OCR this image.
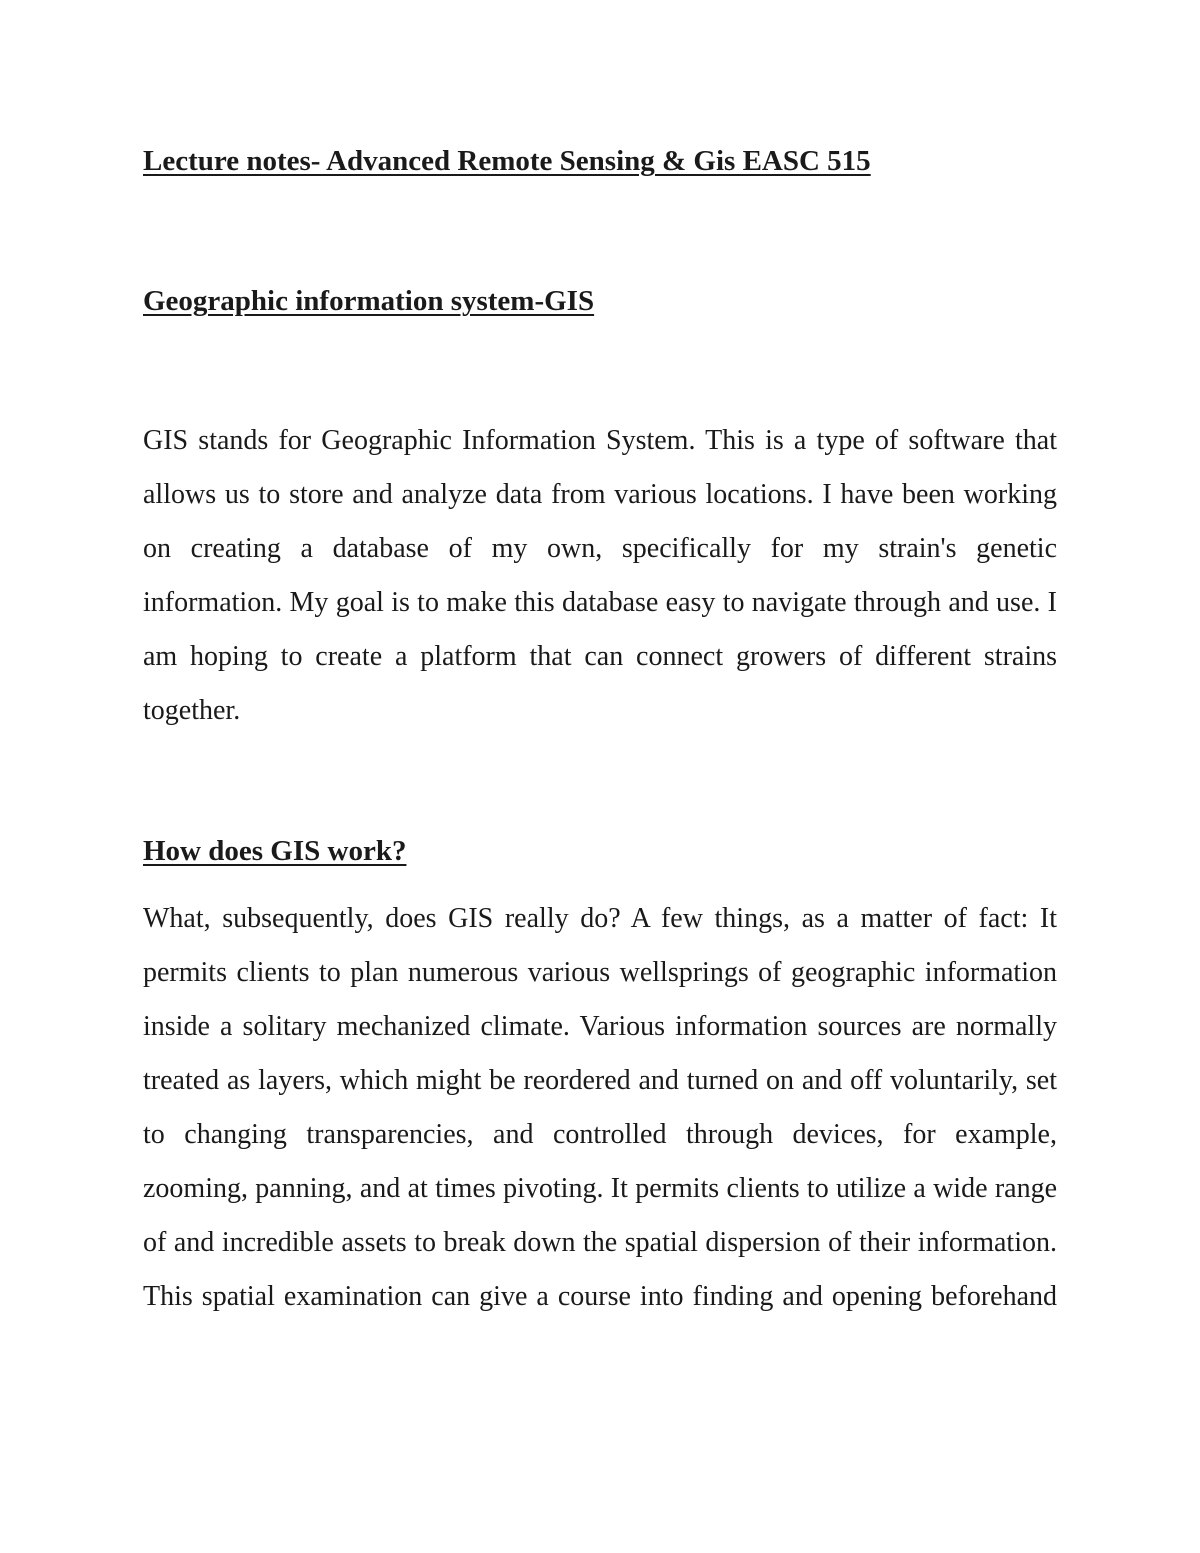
Lecture notes- Advanced Remote Sensing & Gis EASC 515
Geographic information system-GIS

GIS stands for Geographic Information System. This is a type of software that allows us to store and analyze data from various locations. I have been working on creating a database of my own, specifically for my strain's genetic information. My goal is to make this database easy to navigate through and use. I am hoping to create a platform that can connect growers of different strains together.

How does GIS work?

What, subsequently, does GIS really do? A few things, as a matter of fact: It permits clients to plan numerous various wellsprings of geographic information inside a solitary mechanized climate. Various information sources are normally treated as layers, which might be reordered and turned on and off voluntarily, set to changing transparencies, and controlled through devices, for example, zooming, panning, and at times pivoting. It permits clients to utilize a wide range of and incredible assets to break down the spatial dispersion of their information. This spatial examination can give a course into finding and opening beforehand
